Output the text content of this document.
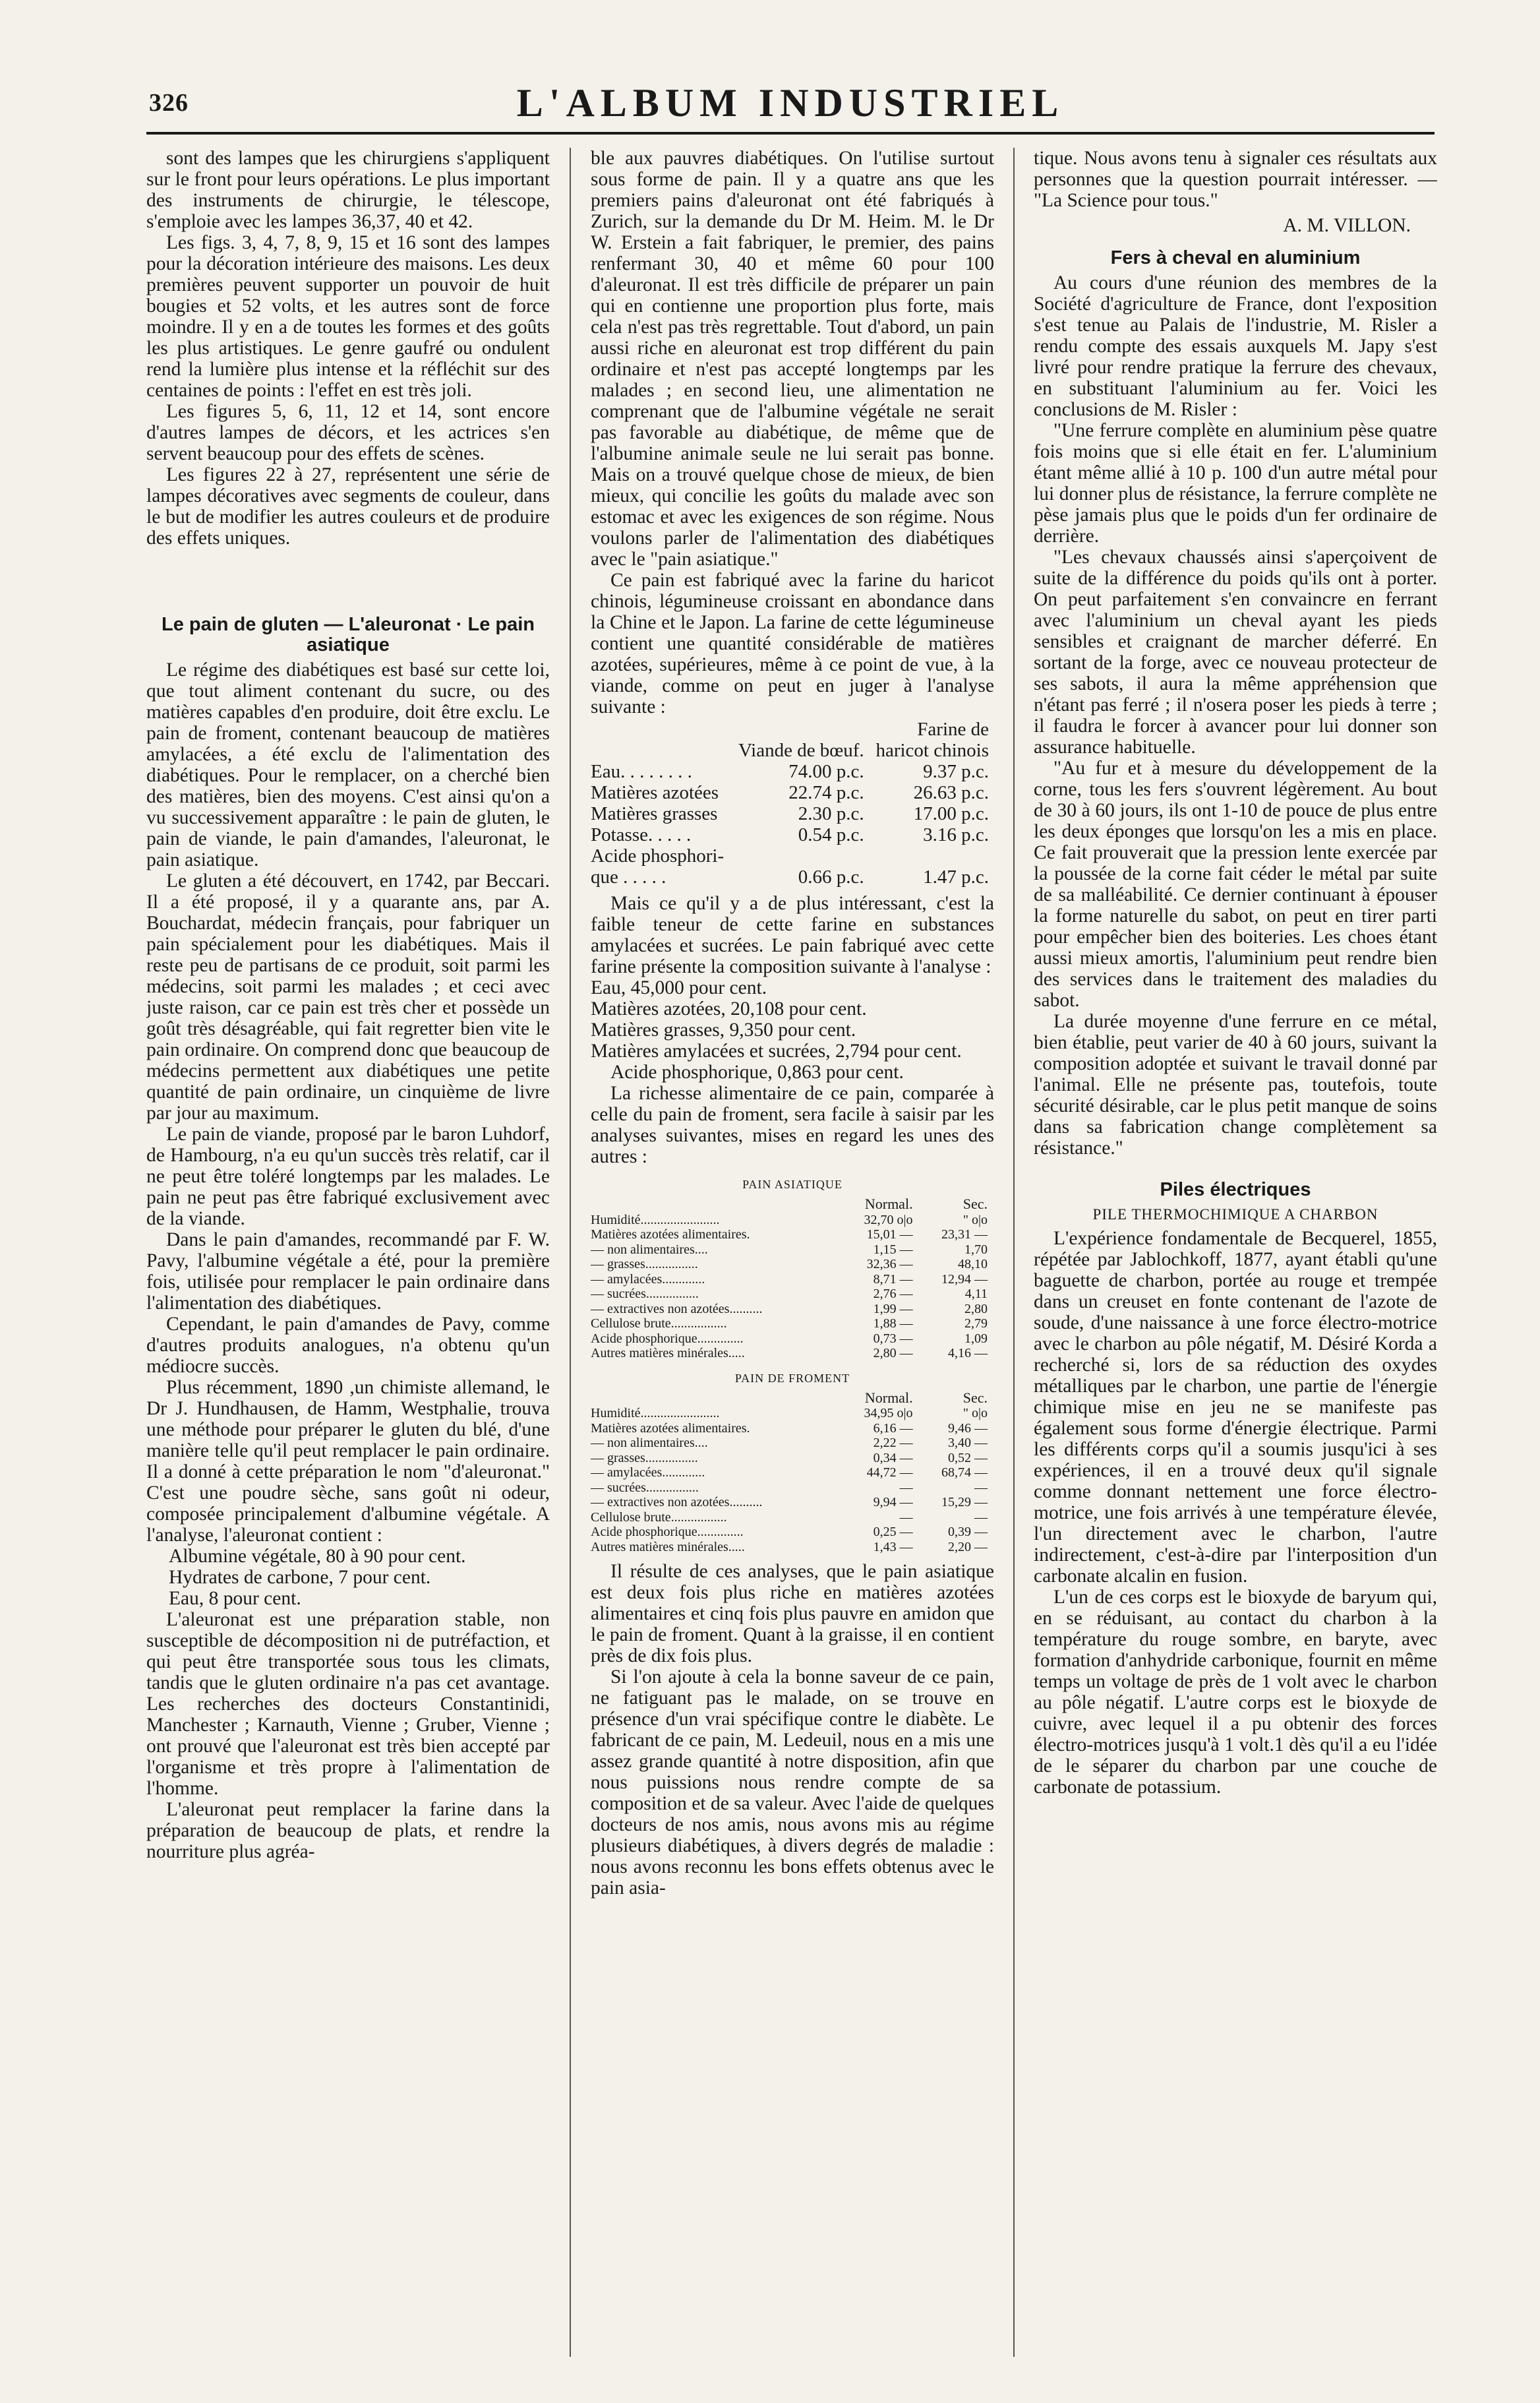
326	L'ALBUM INDUSTRIEL

sont des lampes que les chirurgiens s'appliquent sur le front pour leurs opérations. Le plus important des instruments de chirurgie, le télescope, s'emploie avec les lampes 36,37, 40 et 42.

Les figs. 3, 4, 7, 8, 9, 15 et 16 sont des lampes pour la décoration intérieure des maisons. Les deux premières peuvent supporter un pouvoir de huit bougies et 52 volts, et les autres sont de force moindre. Il y en a de toutes les formes et des goûts les plus artistiques. Le genre gaufré ou ondulent rend la lumière plus intense et la réfléchit sur des centaines de points : l'effet en est très joli.

Les figures 5, 6, 11, 12 et 14, sont encore d'autres lampes de décors, et les actrices s'en servent beaucoup pour des effets de scènes.

Les figures 22 à 27, représentent une série de lampes décoratives avec segments de couleur, dans le but de modifier les autres couleurs et de produire des effets uniques.

Le pain de gluten — L'aleuronat · Le pain asiatique

Le régime des diabétiques est basé sur cette loi, que tout aliment contenant du sucre, ou des matières capables d'en produire, doit être exclu. Le pain de froment, contenant beaucoup de matières amylacées, a été exclu de l'alimentation des diabétiques. Pour le remplacer, on a cherché bien des matières, bien des moyens. C'est ainsi qu'on a vu successivement apparaître : le pain de gluten, le pain de viande, le pain d'amandes, l'aleuronat, le pain asiatique.

Le gluten a été découvert, en 1742, par Beccari. Il a été proposé, il y a quarante ans, par A. Bouchardat, médecin français, pour fabriquer un pain spécialement pour les diabétiques. Mais il reste peu de partisans de ce produit, soit parmi les médecins, soit parmi les malades ; et ceci avec juste raison, car ce pain est très cher et possède un goût très désagréable, qui fait regretter bien vite le pain ordinaire. On comprend donc que beaucoup de médecins permettent aux diabétiques une petite quantité de pain ordinaire, un cinquième de livre par jour au maximum.

Le pain de viande, proposé par le baron Luhdorf, de Hambourg, n'a eu qu'un succès très relatif, car il ne peut être toléré longtemps par les malades. Le pain ne peut pas être fabriqué exclusivement avec de la viande.

Dans le pain d'amandes, recommandé par F. W. Pavy, l'albumine végétale a été, pour la première fois, utilisée pour remplacer le pain ordinaire dans l'alimentation des diabétiques.

Cependant, le pain d'amandes de Pavy, comme d'autres produits analogues, n'a obtenu qu'un médiocre succès.

Plus récemment, 1890 ,un chimiste allemand, le Dr J. Hundhausen, de Hamm, Westphalie, trouva une méthode pour préparer le gluten du blé, d'une manière telle qu'il peut remplacer le pain ordinaire. Il a donné à cette préparation le nom "d'aleuronat." C'est une poudre sèche, sans goût ni odeur, composée principalement d'albumine végétale. A l'analyse, l'aleuronat contient :

Albumine végétale, 80 à 90 pour cent.

Hydrates de carbone, 7 pour cent.

Eau, 8 pour cent.

L'aleuronat est une préparation stable, non susceptible de décomposition ni de putréfaction, et qui peut être transportée sous tous les climats, tandis que le gluten ordinaire n'a pas cet avantage. Les recherches des docteurs Constantinidi, Manchester ; Karnauth, Vienne ; Gruber, Vienne ; ont prouvé que l'aleuronat est très bien accepté par l'organisme et très propre à l'alimentation de l'homme.

L'aleuronat peut remplacer la farine dans la préparation de beaucoup de plats, et rendre la nourriture plus agréa-

ble aux pauvres diabétiques. On l'utilise surtout sous forme de pain. Il y a quatre ans que les premiers pains d'aleuronat ont été fabriqués à Zurich, sur la demande du Dr M. Heim. M. le Dr W. Erstein a fait fabriquer, le premier, des pains renfermant 30, 40 et même 60 pour 100 d'aleuronat. Il est très difficile de préparer un pain qui en contienne une proportion plus forte, mais cela n'est pas très regrettable. Tout d'abord, un pain aussi riche en aleuronat est trop différent du pain ordinaire et n'est pas accepté longtemps par les malades ; en second lieu, une alimentation ne comprenant que de l'albumine végétale ne serait pas favorable au diabétique, de même que de l'albumine animale seule ne lui serait pas bonne. Mais on a trouvé quelque chose de mieux, de bien mieux, qui concilie les goûts du malade avec son estomac et avec les exigences de son régime. Nous voulons parler de l'alimentation des diabétiques avec le "pain asiatique."

Ce pain est fabriqué avec la farine du haricot chinois, légumineuse croissant en abondance dans la Chine et le Japon. La farine de cette légumineuse contient une quantité considérable de matières azotées, supérieures, même à ce point de vue, à la viande, comme on peut en juger à l'analyse suivante :

		Farine de
	Viande de bœuf.	haricot chinois
Eau. . . . . . . .	74.00 p.c.	9.37 p.c.
Matières azotées	22.74 p.c.	26.63 p.c.
Matières grasses	2.30 p.c.	17.00 p.c.
Potasse. . . . .	0.54 p.c.	3.16 p.c.
Acide phosphori-		
que . . . . .	0.66 p.c.	1.47 p.c.

Mais ce qu'il y a de plus intéressant, c'est la faible teneur de cette farine en substances amylacées et sucrées. Le pain fabriqué avec cette farine présente la composition suivante à l'analyse :

Eau, 45,000 pour cent.

Matières azotées, 20,108 pour cent.

Matières grasses, 9,350 pour cent.

Matières amylacées et sucrées, 2,794 pour cent.

Acide phosphorique, 0,863 pour cent.

La richesse alimentaire de ce pain, comparée à celle du pain de froment, sera facile à saisir par les analyses suivantes, mises en regard les unes des autres :

PAIN ASIATIQUE
	Normal.	Sec.
Humidité........................	32,70 o|o	" o|o
Matières azotées alimentaires.	15,01 —	23,31 —
— non alimentaires....	1,15 —	1,70
— grasses................	32,36 —	48,10
— amylacées.............	8,71 —	12,94 —
— sucrées................	2,76 —	4,11
— extractives non azotées..........	1,99 —	2,80
Cellulose brute.................	1,88 —	2,79
Acide phosphorique..............	0,73 —	1,09
Autres matières minérales.....	2,80 —	4,16 —
PAIN DE FROMENT
	Normal.	Sec.
Humidité........................	34,95 o|o	" o|o
Matières azotées alimentaires.	6,16 —	9,46 —
— non alimentaires....	2,22 —	3,40 —
— grasses................	0,34 —	0,52 —
— amylacées.............	44,72 —	68,74 —
— sucrées................	—	—
— extractives non azotées..........	9,94 —	15,29 —
Cellulose brute.................	—	—
Acide phosphorique..............	0,25 —	0,39 —
Autres matières minérales.....	1,43 —	2,20 —

Il résulte de ces analyses, que le pain asiatique est deux fois plus riche en matières azotées alimentaires et cinq fois plus pauvre en amidon que le pain de froment. Quant à la graisse, il en contient près de dix fois plus.

Si l'on ajoute à cela la bonne saveur de ce pain, ne fatiguant pas le malade, on se trouve en présence d'un vrai spécifique contre le diabète. Le fabricant de ce pain, M. Ledeuil, nous en a mis une assez grande quantité à notre disposition, afin que nous puissions nous rendre compte de sa composition et de sa valeur. Avec l'aide de quelques docteurs de nos amis, nous avons mis au régime plusieurs diabétiques, à divers degrés de maladie : nous avons reconnu les bons effets obtenus avec le pain asia-

tique. Nous avons tenu à signaler ces résultats aux personnes que la question pourrait intéresser. — "La Science pour tous."

A. M. VILLON.

Fers à cheval en aluminium

Au cours d'une réunion des membres de la Société d'agriculture de France, dont l'exposition s'est tenue au Palais de l'industrie, M. Risler a rendu compte des essais auxquels M. Japy s'est livré pour rendre pratique la ferrure des chevaux, en substituant l'aluminium au fer. Voici les conclusions de M. Risler :

"Une ferrure complète en aluminium pèse quatre fois moins que si elle était en fer. L'aluminium étant même allié à 10 p. 100 d'un autre métal pour lui donner plus de résistance, la ferrure complète ne pèse jamais plus que le poids d'un fer ordinaire de derrière.

"Les chevaux chaussés ainsi s'aperçoivent de suite de la différence du poids qu'ils ont à porter. On peut parfaitement s'en convaincre en ferrant avec l'aluminium un cheval ayant les pieds sensibles et craignant de marcher déferré. En sortant de la forge, avec ce nouveau protecteur de ses sabots, il aura la même appréhension que n'étant pas ferré ; il n'osera poser les pieds à terre ; il faudra le forcer à avancer pour lui donner son assurance habituelle.

"Au fur et à mesure du développement de la corne, tous les fers s'ouvrent légèrement. Au bout de 30 à 60 jours, ils ont 1-10 de pouce de plus entre les deux éponges que lorsqu'on les a mis en place. Ce fait prouverait que la pression lente exercée par la poussée de la corne fait céder le métal par suite de sa malléabilité. Ce dernier continuant à épouser la forme naturelle du sabot, on peut en tirer parti pour empêcher bien des boiteries. Les choes étant aussi mieux amortis, l'aluminium peut rendre bien des services dans le traitement des maladies du sabot.

La durée moyenne d'une ferrure en ce métal, bien établie, peut varier de 40 à 60 jours, suivant la composition adoptée et suivant le travail donné par l'animal. Elle ne présente pas, toutefois, toute sécurité désirable, car le plus petit manque de soins dans sa fabrication change complètement sa résistance."

Piles électriques
PILE THERMOCHIMIQUE A CHARBON

L'expérience fondamentale de Becquerel, 1855, répétée par Jablochkoff, 1877, ayant établi qu'une baguette de charbon, portée au rouge et trempée dans un creuset en fonte contenant de l'azote de soude, d'une naissance à une force électro-motrice avec le charbon au pôle négatif, M. Désiré Korda a recherché si, lors de sa réduction des oxydes métalliques par le charbon, une partie de l'énergie chimique mise en jeu ne se manifeste pas également sous forme d'énergie électrique. Parmi les différents corps qu'il a soumis jusqu'ici à ses expériences, il en a trouvé deux qu'il signale comme donnant nettement une force électro-motrice, une fois arrivés à une température élevée, l'un directement avec le charbon, l'autre indirectement, c'est-à-dire par l'interposition d'un carbonate alcalin en fusion.

L'un de ces corps est le bioxyde de baryum qui, en se réduisant, au contact du charbon à la température du rouge sombre, en baryte, avec formation d'anhydride carbonique, fournit en même temps un voltage de près de 1 volt avec le charbon au pôle négatif. L'autre corps est le bioxyde de cuivre, avec lequel il a pu obtenir des forces électro-motrices jusqu'à 1 volt.1 dès qu'il a eu l'idée de le séparer du charbon par une couche de carbonate de potassium.
